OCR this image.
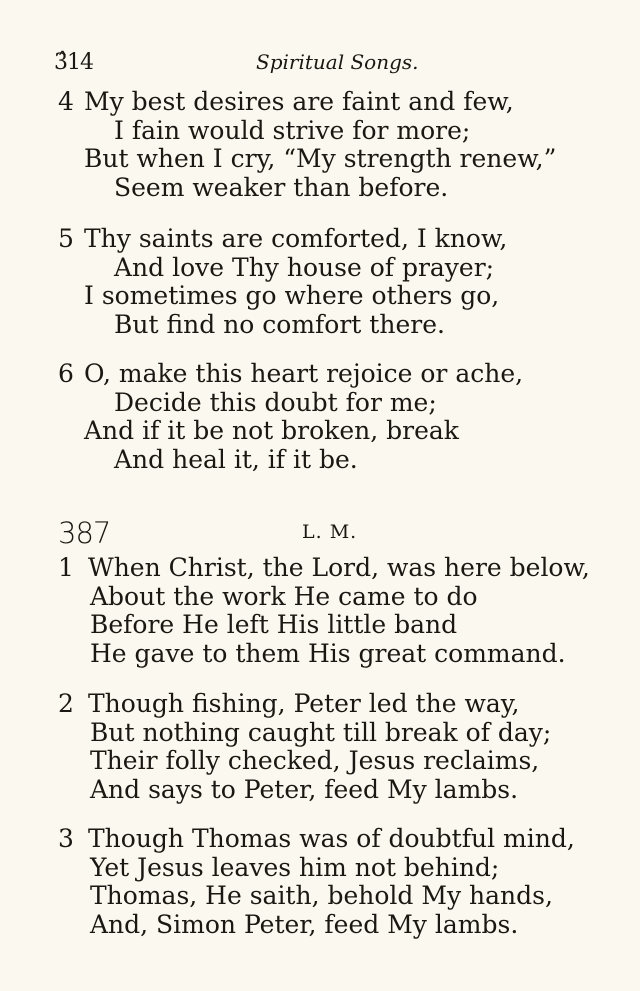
3̂14	Spiritual Songs.
4 My best desires are faint and few,
I fain would strive for more;
But when I cry, “My strength renew,”
Seem weaker than before.
5 Thy saints are comforted, I know,
And love Thy house of prayer;
I sometimes go where others go,
But find no comfort there.
6 O, make this heart rejoice or ache,
Decide this doubt for me;
And if it be not broken, break
And heal it, if it be.
387	L. M.
1 When Christ, the Lord, was here below,
About the work He came to do
Before He left His little band
He gave to them His great command.
2 Though fishing, Peter led the way,
But nothing caught till break of day;
Their folly checked, Jesus reclaims,
And says to Peter, feed My lambs.
3 Though Thomas was of doubtful mind,
Yet Jesus leaves him not behind;
Thomas, He saith, behold My hands,
And, Simon Peter, feed My lambs.
